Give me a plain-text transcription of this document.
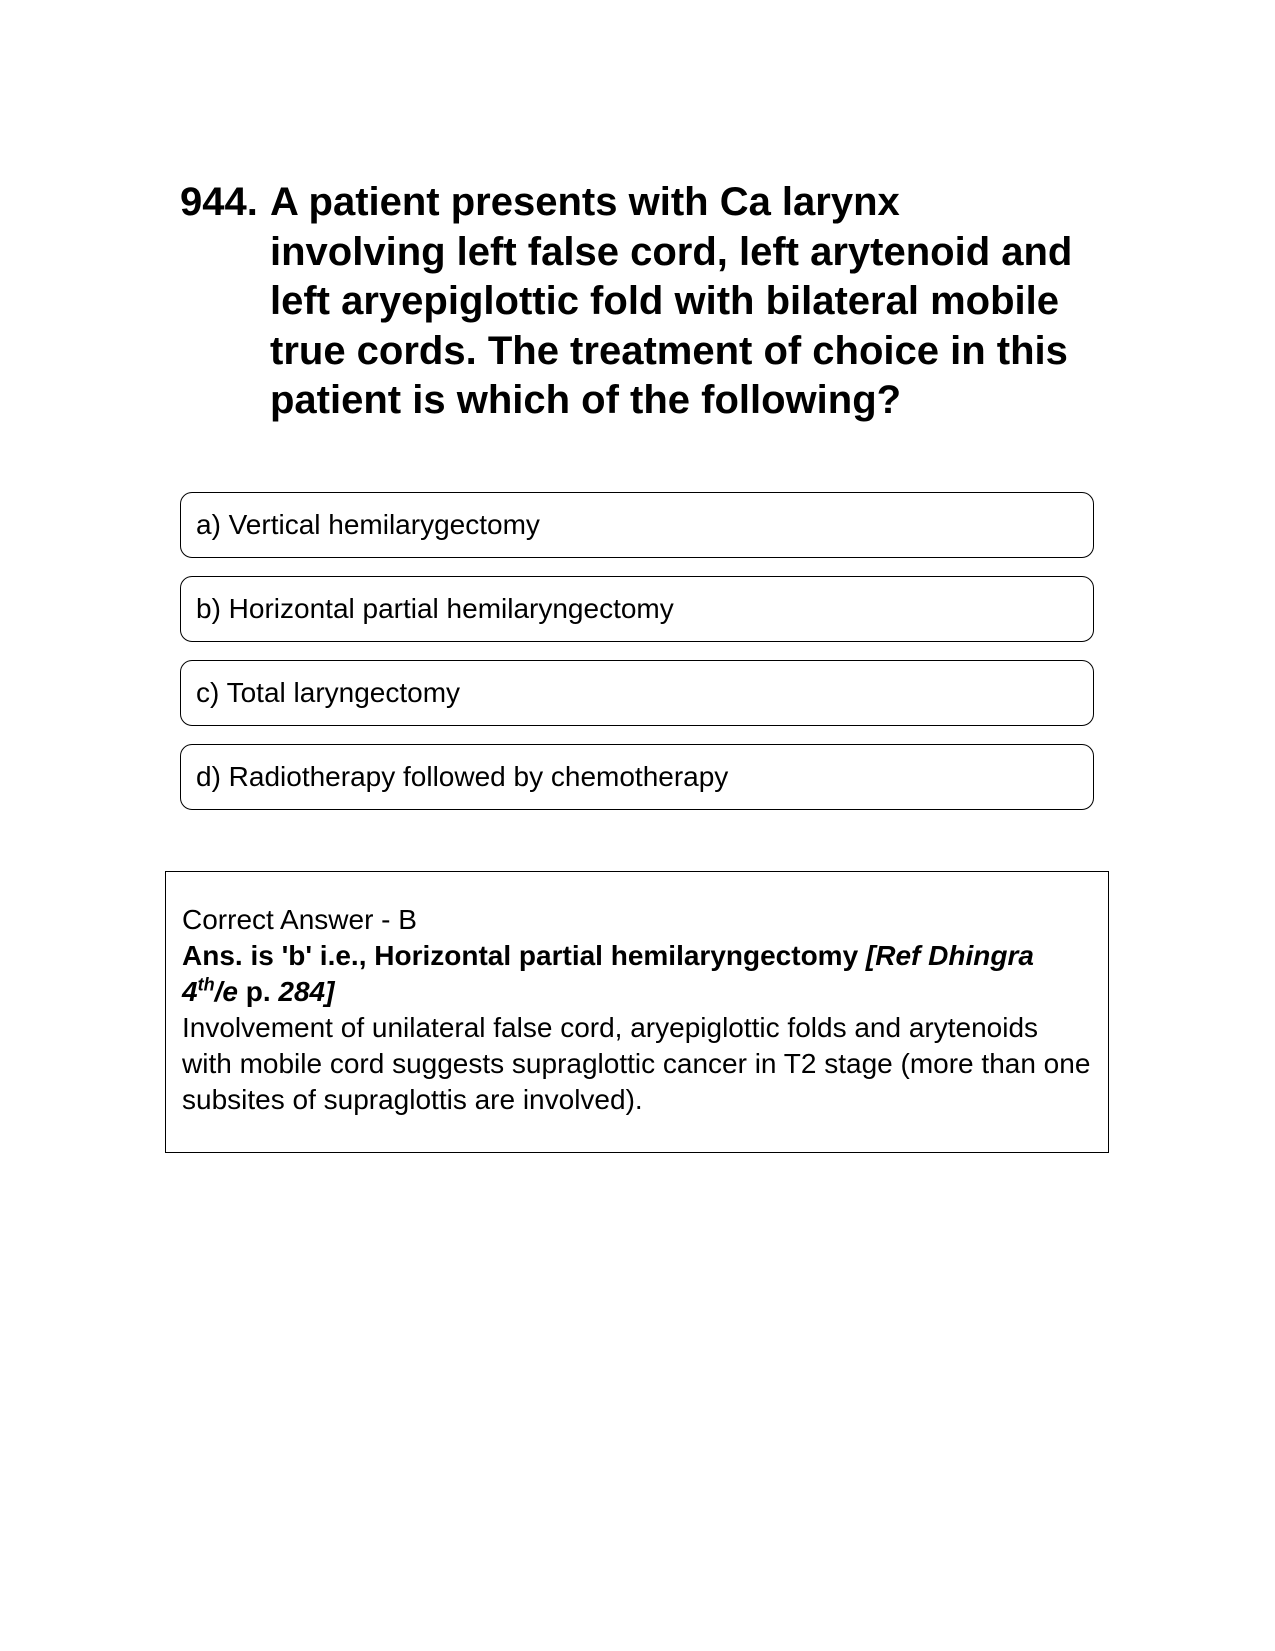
944. A patient presents with Ca larynx involving left false cord, left arytenoid and left aryepiglottic fold with bilateral mobile true cords. The treatment of choice in this patient is which of the following?
a) Vertical hemilarygectomy
b) Horizontal partial hemilaryngectomy
c) Total laryngectomy
d) Radiotherapy followed by chemotherapy
Correct Answer - B
Ans. is 'b' i.e., Horizontal partial hemilaryngectomy [Ref Dhingra 4th/e p. 284]
Involvement of unilateral false cord, aryepiglottic folds and arytenoids with mobile cord suggests supraglottic cancer in T2 stage (more than one subsites of supraglottis are involved).
